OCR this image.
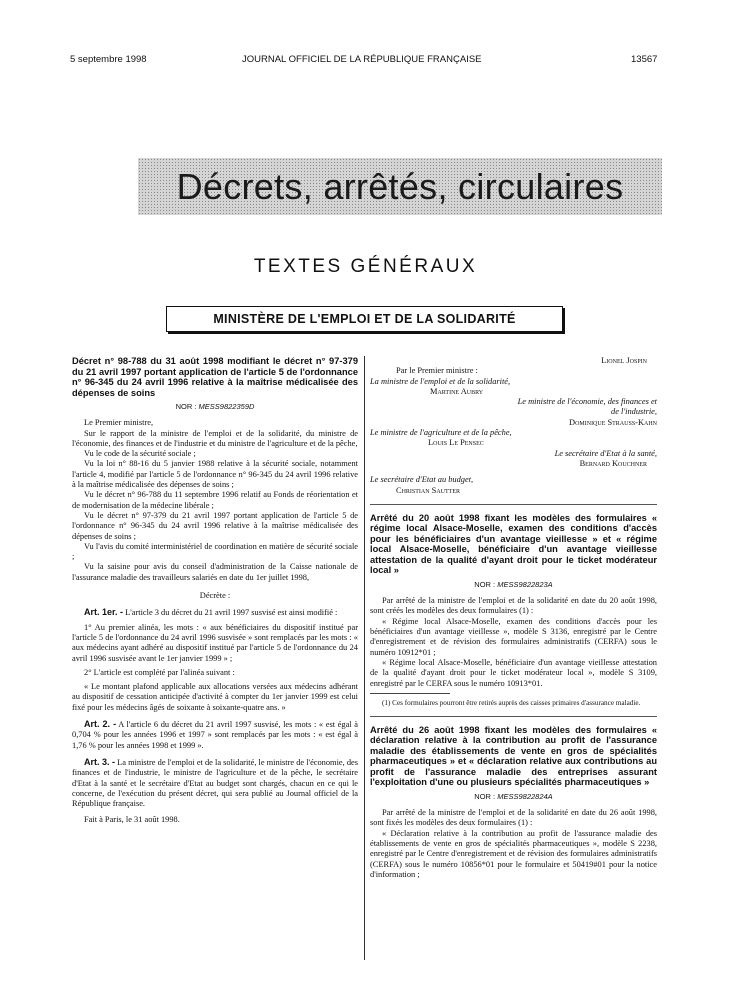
5 septembre 1998	JOURNAL OFFICIEL DE LA RÉPUBLIQUE FRANÇAISE	13567
Décrets, arrêtés, circulaires
TEXTES GÉNÉRAUX
MINISTÈRE DE L'EMPLOI ET DE LA SOLIDARITÉ
Décret n° 98-788 du 31 août 1998 modifiant le décret n° 97-379 du 21 avril 1997 portant application de l'article 5 de l'ordonnance n° 96-345 du 24 avril 1996 relative à la maîtrise médicalisée des dépenses de soins
NOR : MESS9822359D

Le Premier ministre,

Sur le rapport de la ministre de l'emploi et de la solidarité, du ministre de l'économie, des finances et de l'industrie et du ministre de l'agriculture et de la pêche,

Vu le code de la sécurité sociale ;

Vu la loi n° 88-16 du 5 janvier 1988 relative à la sécurité sociale, notamment l'article 4, modifié par l'article 5 de l'ordonnance n° 96-345 du 24 avril 1996 relative à la maîtrise médicalisée des dépenses de soins ;

Vu le décret n° 96-788 du 11 septembre 1996 relatif au Fonds de réorientation et de modernisation de la médecine libérale ;

Vu le décret n° 97-379 du 21 avril 1997 portant application de l'article 5 de l'ordonnance n° 96-345 du 24 avril 1996 relative à la maîtrise médicalisée des dépenses de soins ;

Vu l'avis du comité interministériel de coordination en matière de sécurité sociale ;

Vu la saisine pour avis du conseil d'administration de la Caisse nationale de l'assurance maladie des travailleurs salariés en date du 1er juillet 1998,

Décrète :

Art. 1er. - L'article 3 du décret du 21 avril 1997 susvisé est ainsi modifié :

1° Au premier alinéa, les mots : « aux bénéficiaires du dispositif institué par l'article 5 de l'ordonnance du 24 avril 1996 susvisée » sont remplacés par les mots : « aux médecins ayant adhéré au dispositif institué par l'article 5 de l'ordonnance du 24 avril 1996 susvisée avant le 1er janvier 1999 » ;

2° L'article est complété par l'alinéa suivant :

« Le montant plafond applicable aux allocations versées aux médecins adhérant au dispositif de cessation anticipée d'activité à compter du 1er janvier 1999 est celui fixé pour les médecins âgés de soixante à soixante-quatre ans. »

Art. 2. - A l'article 6 du décret du 21 avril 1997 susvisé, les mots : « est égal à 0,704 % pour les années 1996 et 1997 » sont remplacés par les mots : « est égal à 1,76 % pour les années 1998 et 1999 ».

Art. 3. - La ministre de l'emploi et de la solidarité, le ministre de l'économie, des finances et de l'industrie, le ministre de l'agriculture et de la pêche, le secrétaire d'Etat à la santé et le secrétaire d'Etat au budget sont chargés, chacun en ce qui le concerne, de l'exécution du présent décret, qui sera publié au Journal officiel de la République française.

Fait à Paris, le 31 août 1998.

Lionel Jospin
Par le Premier ministre :
La ministre de l'emploi et de la solidarité,
Martine Aubry
Le ministre de l'économie, des finances et de l'industrie,
Dominique Strauss-Kahn
Le ministre de l'agriculture et de la pêche,
Louis Le Pensec
Le secrétaire d'Etat à la santé,
Bernard Kouchner
Le secrétaire d'Etat au budget,
Christian Sautter
Arrêté du 20 août 1998 fixant les modèles des formulaires « régime local Alsace-Moselle, examen des conditions d'accès pour les bénéficiaires d'un avantage vieillesse » et « régime local Alsace-Moselle, bénéficiaire d'un avantage vieillesse attestation de la qualité d'ayant droit pour le ticket modérateur local »
NOR : MESS9822823A

Par arrêté de la ministre de l'emploi et de la solidarité en date du 20 août 1998, sont créés les modèles des deux formulaires (1) :

« Régime local Alsace-Moselle, examen des conditions d'accès pour les bénéficiaires d'un avantage vieillesse », modèle S 3136, enregistré par le Centre d'enregistrement et de révision des formulaires administratifs (CERFA) sous le numéro 10912*01 ;

« Régime local Alsace-Moselle, bénéficiaire d'un avantage vieillesse attestation de la qualité d'ayant droit pour le ticket modérateur local », modèle S 3109, enregistré par le CERFA sous le numéro 10913*01.

(1) Ces formulaires pourront être retirés auprès des caisses primaires d'assurance maladie.

Arrêté du 26 août 1998 fixant les modèles des formulaires « déclaration relative à la contribution au profit de l'assurance maladie des établissements de vente en gros de spécialités pharmaceutiques » et « déclaration relative aux contributions au profit de l'assurance maladie des entreprises assurant l'exploitation d'une ou plusieurs spécialités pharmaceutiques »
NOR : MESS9822824A

Par arrêté de la ministre de l'emploi et de la solidarité en date du 26 août 1998, sont fixés les modèles des deux formulaires (1) :

« Déclaration relative à la contribution au profit de l'assurance maladie des établissements de vente en gros de spécialités pharmaceutiques », modèle S 2238, enregistré par le Centre d'enregistrement et de révision des formulaires administratifs (CERFA) sous le numéro 10856*01 pour le formulaire et 50419#01 pour la notice d'information ;
